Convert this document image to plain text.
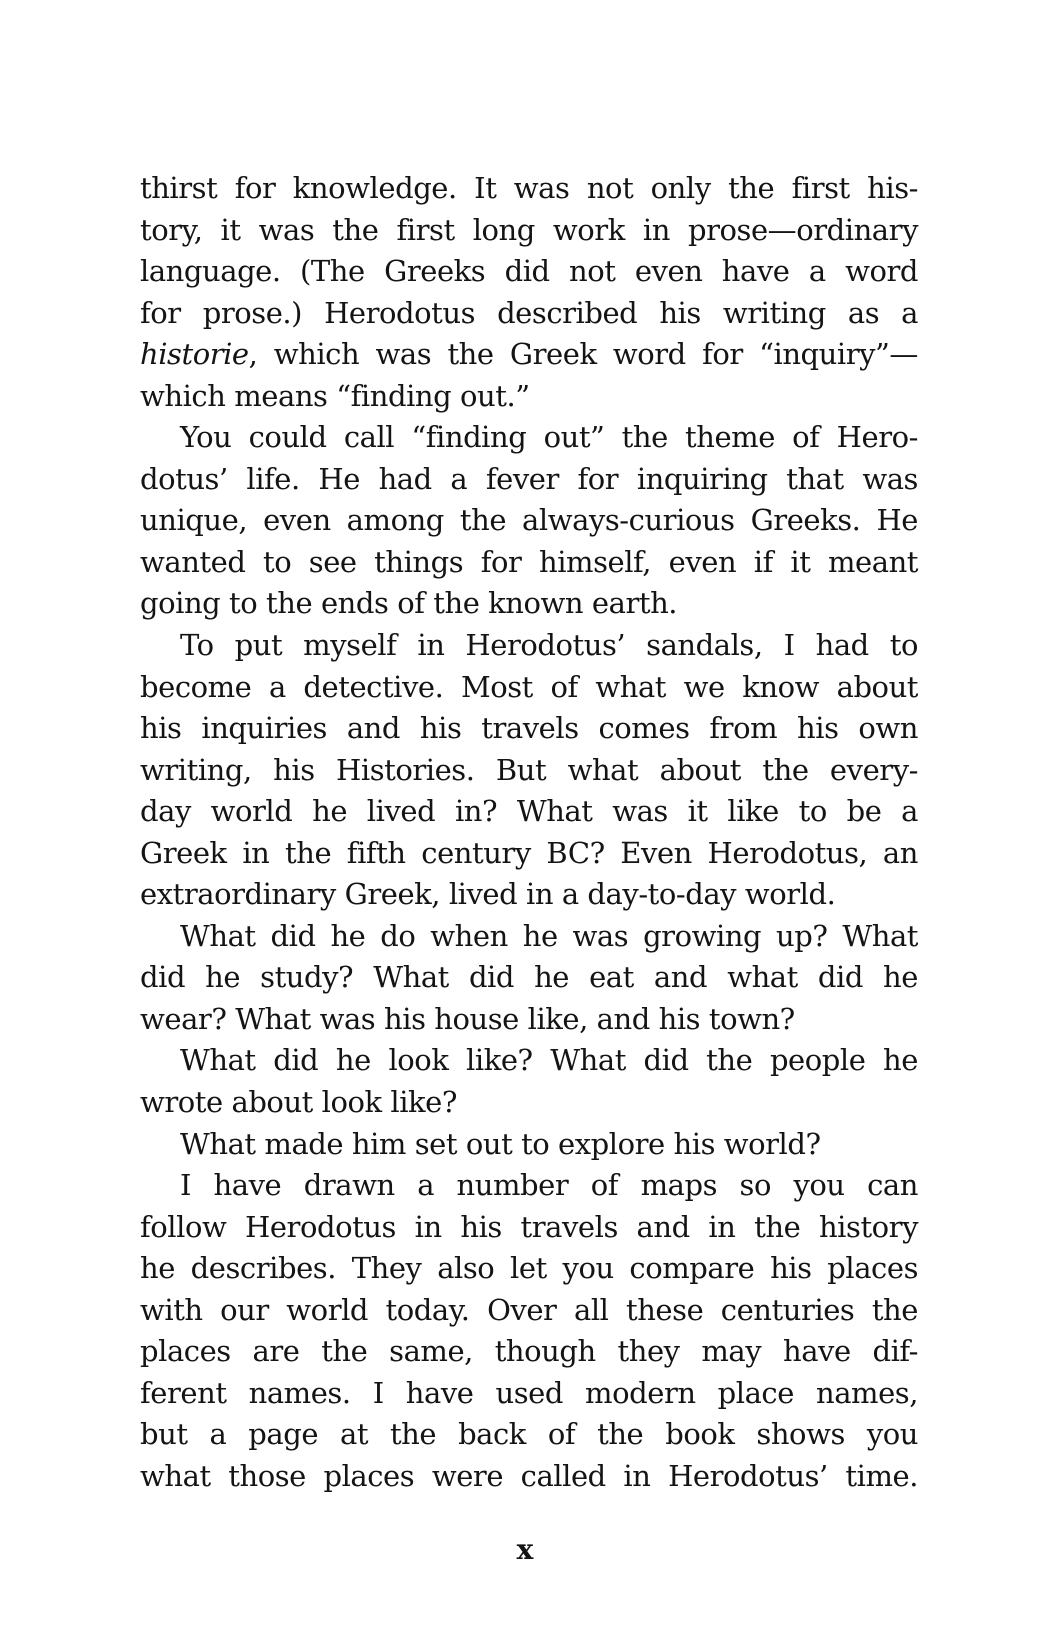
thirst for knowledge. It was not only the first his-
tory, it was the first long work in prose—ordinary
language. (The Greeks did not even have a word
for prose.) Herodotus described his writing as a
historie, which was the Greek word for “inquiry”—
which means “finding out.”
You could call “finding out” the theme of Hero-
dotus’ life. He had a fever for inquiring that was
unique, even among the always-curious Greeks. He
wanted to see things for himself, even if it meant
going to the ends of the known earth.
To put myself in Herodotus’ sandals, I had to
become a detective. Most of what we know about
his inquiries and his travels comes from his own
writing, his Histories. But what about the every-
day world he lived in? What was it like to be a
Greek in the fifth century BC? Even Herodotus, an
extraordinary Greek, lived in a day-to-day world.
What did he do when he was growing up? What
did he study? What did he eat and what did he
wear? What was his house like, and his town?
What did he look like? What did the people he
wrote about look like?
What made him set out to explore his world?
I have drawn a number of maps so you can
follow Herodotus in his travels and in the history
he describes. They also let you compare his places
with our world today. Over all these centuries the
places are the same, though they may have dif-
ferent names. I have used modern place names,
but a page at the back of the book shows you
what those places were called in Herodotus’ time.
x
